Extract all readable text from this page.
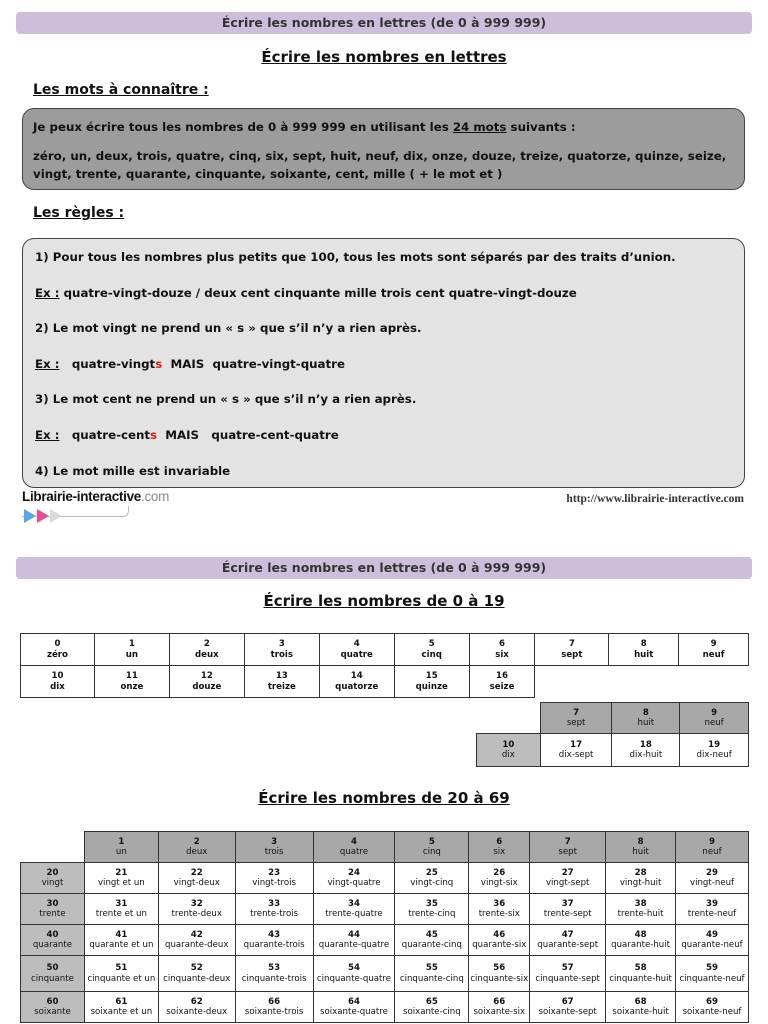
Écrire les nombres en lettres (de 0 à 999 999)
Écrire les nombres en lettres
Les mots à connaître :

Je peux écrire tous les nombres de 0 à 999 999 en utilisant les 24 mots suivants :

zéro, un, deux, trois, quatre, cinq, six, sept, huit, neuf, dix, onze, douze, treize, quatorze, quinze, seize, vingt, trente, quarante, cinquante, soixante, cent, mille ( + le mot et )

Les règles :

1) Pour tous les nombres plus petits que 100, tous les mots sont séparés par des traits d’union.

Ex : quatre-vingt-douze / deux cent cinquante mille trois cent quatre-vingt-douze

2) Le mot vingt ne prend un « s » que s’il n’y a rien après.

Ex : quatre-vingts MAIS quatre-vingt-quatre

3) Le mot cent ne prend un « s » que s’il n’y a rien après.

Ex : quatre-cents MAIS quatre-cent-quatre

4) Le mot mille est invariable

Librairie-interactive.com	http://www.librairie-interactive.com
Écrire les nombres en lettres (de 0 à 999 999)
Écrire les nombres de 0 à 19
0
zéro	1
un	2
deux	3
trois	4
quatre	5
cinq	6
six	7
sept	8
huit	9
neuf

10
dix	11
onze	12
douze	13
treize	14
quatorze	15
quinze	16
seize			

	7
sept	8
huit	9
neuf

10
dix	17
dix-sept	18
dix-huit	19
dix-neuf
Écrire les nombres de 20 à 69

	1
un	2
deux	3
trois	4
quatre	5
cinq	6
six	7
sept	8
huit	9
neuf

20
vingt	21
vingt et un	22
vingt-deux	23
vingt-trois	24
vingt-quatre	25
vingt-cinq	26
vingt-six	27
vingt-sept	28
vingt-huit	29
vingt-neuf

30
trente	31
trente et un	32
trente-deux	33
trente-trois	34
trente-quatre	35
trente-cinq	36
trente-six	37
trente-sept	38
trente-huit	39
trente-neuf

40
quarante	41
quarante et un	42
quarante-deux	43
quarante-trois	44
quarante-quatre	45
quarante-cinq	46
quarante-six	47
quarante-sept	48
quarante-huit	49
quarante-neuf

50
cinquante	51
cinquante et un	52
cinquante-deux	53
cinquante-trois	54
cinquante-quatre	55
cinquante-cinq	56
cinquante-six	57
cinquante-sept	58
cinquante-huit	59
cinquante-neuf

60
soixante	61
soixante et un	62
soixante-deux	66
soixante-trois	64
soixante-quatre	65
soixante-cinq	66
soixante-six	67
soixante-sept	68
soixante-huit	69
soixante-neuf
